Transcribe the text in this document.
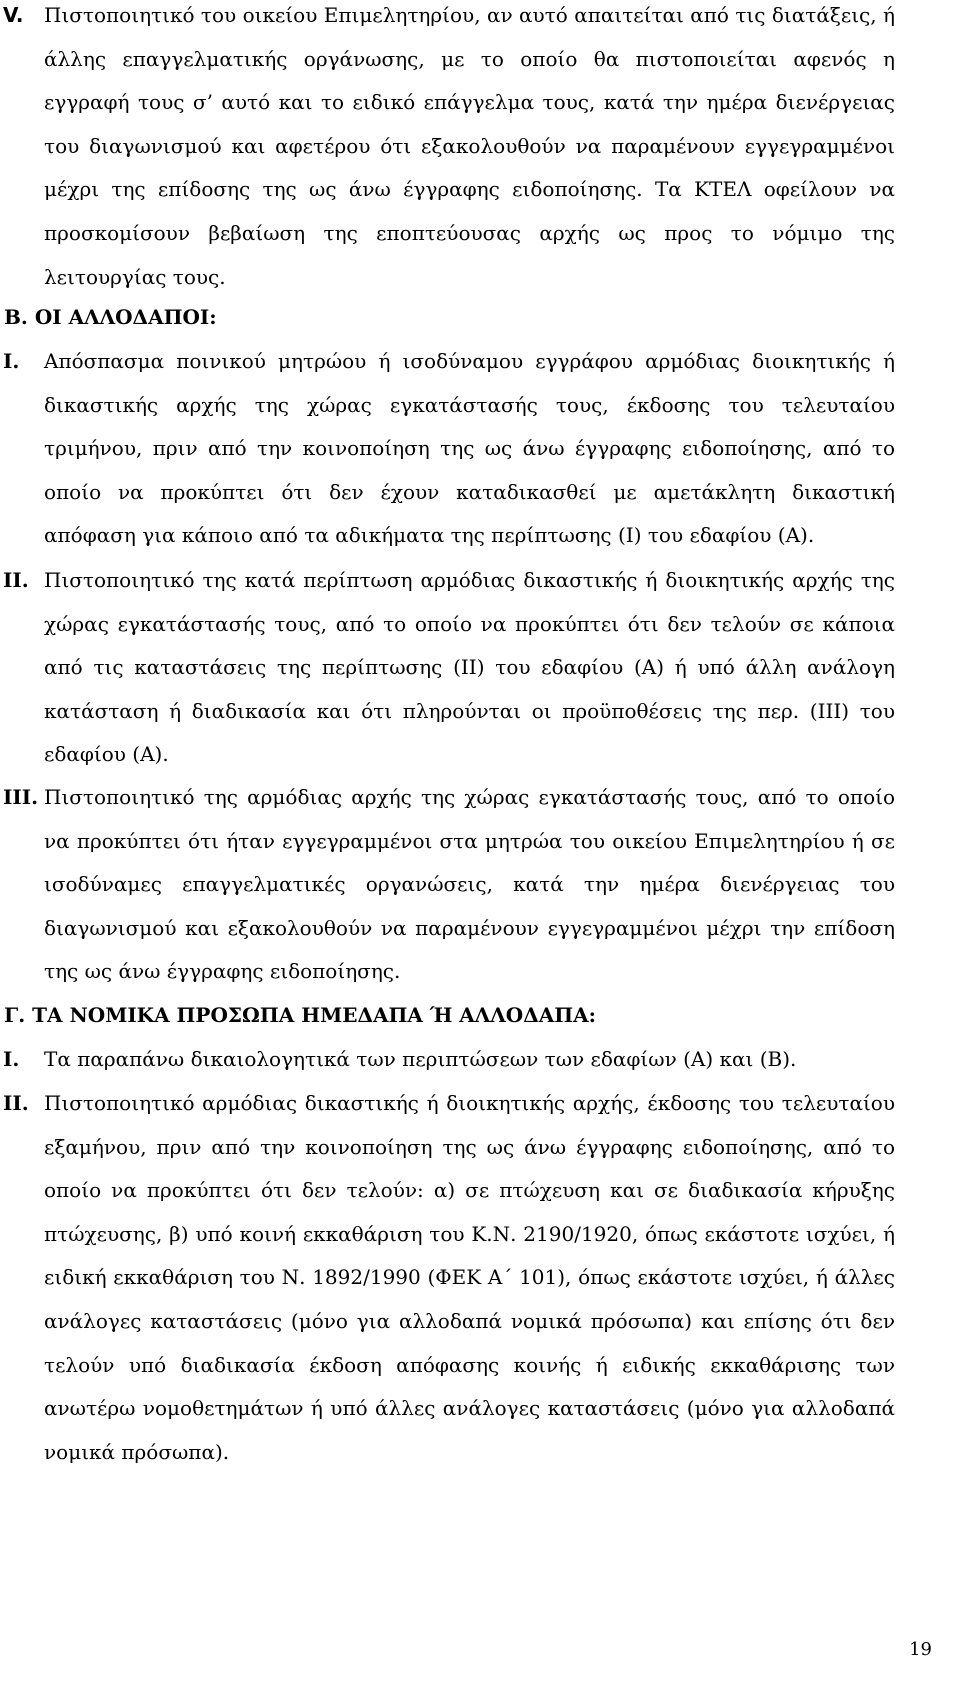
V. Πιστοποιητικό του οικείου Επιμελητηρίου, αν αυτό απαιτείται από τις διατάξεις, ή άλλης επαγγελματικής οργάνωσης, με το οποίο θα πιστοποιείται αφενός η εγγραφή τους σ’ αυτό και το ειδικό επάγγελμα τους, κατά την ημέρα διενέργειας του διαγωνισμού και αφετέρου ότι εξακολουθούν να παραμένουν εγγεγραμμένοι μέχρι της επίδοσης της ως άνω έγγραφης ειδοποίησης. Τα ΚΤΕΛ οφείλουν να προσκομίσουν βεβαίωση της εποπτεύουσας αρχής ως προς το νόμιμο της λειτουργίας τους.
Β. ΟΙ ΑΛΛΟΔΑΠΟΙ:
I. Απόσπασμα ποινικού μητρώου ή ισοδύναμου εγγράφου αρμόδιας διοικητικής ή δικαστικής αρχής της χώρας εγκατάστασής τους, έκδοσης του τελευταίου τριμήνου, πριν από την κοινοποίηση της ως άνω έγγραφης ειδοποίησης, από το οποίο να προκύπτει ότι δεν έχουν καταδικασθεί με αμετάκλητη δικαστική απόφαση για κάποιο από τα αδικήματα της περίπτωσης (Ι) του εδαφίου (Α).
II. Πιστοποιητικό της κατά περίπτωση αρμόδιας δικαστικής ή διοικητικής αρχής της χώρας εγκατάστασής τους, από το οποίο να προκύπτει ότι δεν τελούν σε κάποια από τις καταστάσεις της περίπτωσης (ΙΙ) του εδαφίου (Α) ή υπό άλλη ανάλογη κατάσταση ή διαδικασία και ότι πληρούνται οι προϋποθέσεις της περ. (ΙΙΙ) του εδαφίου (Α).
III. Πιστοποιητικό της αρμόδιας αρχής της χώρας εγκατάστασής τους, από το οποίο να προκύπτει ότι ήταν εγγεγραμμένοι στα μητρώα του οικείου Επιμελητηρίου ή σε ισοδύναμες επαγγελματικές οργανώσεις, κατά την ημέρα διενέργειας του διαγωνισμού και εξακολουθούν να παραμένουν εγγεγραμμένοι μέχρι την επίδοση της ως άνω έγγραφης ειδοποίησης.
Γ. ΤΑ ΝΟΜΙΚΑ ΠΡΟΣΩΠΑ ΗΜΕΔΑΠΑ Ή ΑΛΛΟΔΑΠΑ:
I. Τα παραπάνω δικαιολογητικά των περιπτώσεων των εδαφίων (Α) και (Β).
II. Πιστοποιητικό αρμόδιας δικαστικής ή διοικητικής αρχής, έκδοσης του τελευταίου εξαμήνου, πριν από την κοινοποίηση της ως άνω έγγραφης ειδοποίησης, από το οποίο να προκύπτει ότι δεν τελούν: α) σε πτώχευση και σε διαδικασία κήρυξης πτώχευσης, β) υπό κοινή εκκαθάριση του Κ.Ν. 2190/1920, όπως εκάστοτε ισχύει, ή ειδική εκκαθάριση του Ν. 1892/1990 (ΦΕΚ Α΄ 101), όπως εκάστοτε ισχύει, ή άλλες ανάλογες καταστάσεις (μόνο για αλλοδαπά νομικά πρόσωπα) και επίσης ότι δεν τελούν υπό διαδικασία έκδοση απόφασης κοινής ή ειδικής εκκαθάρισης των ανωτέρω νομοθετημάτων ή υπό άλλες ανάλογες καταστάσεις (μόνο για αλλοδαπά νομικά πρόσωπα).
19
